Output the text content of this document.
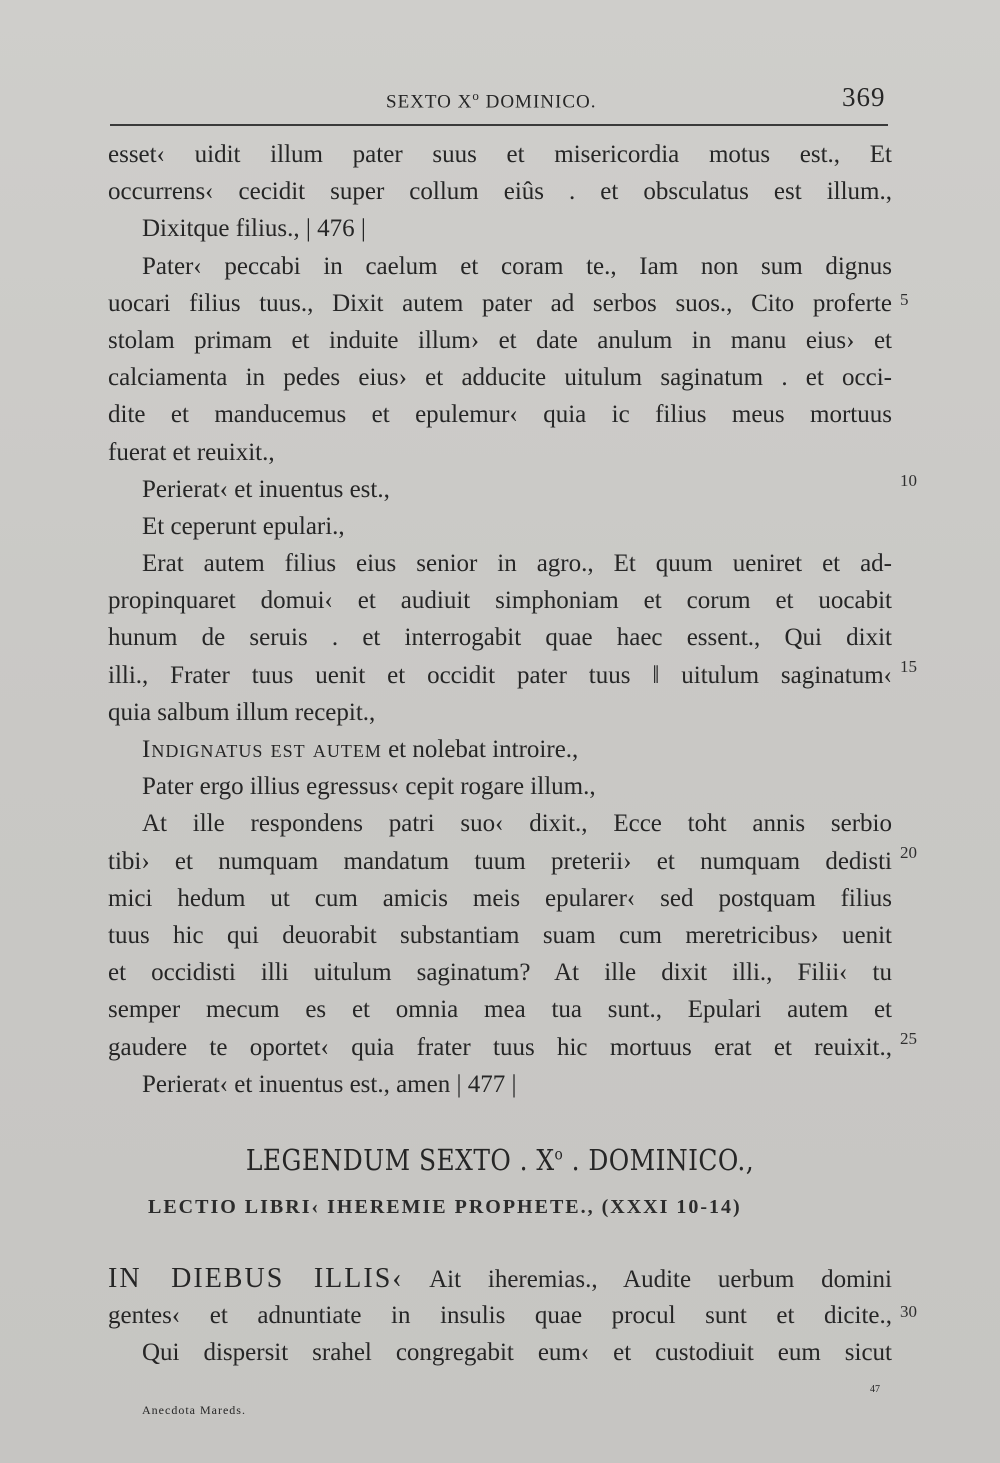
SEXTO $X^o$ DOMINICO.	369
esset‹ uidit illum pater suus et misericordia motus est., Et
occurrens‹ cecidit super collum eiûs . et obsculatus est illum.,
Dixitque filius., | 476 |
Pater‹ peccabi in caelum et coram te., Iam non sum dignus
uocari filius tuus., Dixit autem pater ad serbos suos., Cito proferte
stolam primam et induite illum› et date anulum in manu eius› et
calciamenta in pedes eius› et adducite uitulum saginatum . et occi-
dite et manducemus et epulemur‹ quia ic filius meus mortuus
fuerat et reuixit.,
Perierat‹ et inuentus est.,
Et ceperunt epulari.,
Erat autem filius eius senior in agro., Et quum ueniret et ad-
propinquaret domui‹ et audiuit simphoniam et corum et uocabit
hunum de seruis . et interrogabit quae haec essent., Qui dixit
illi., Frater tuus uenit et occidit pater tuus ‖ uitulum saginatum‹
quia salbum illum recepit.,
Indignatus est autem et nolebat introire.,
Pater ergo illius egressus‹ cepit rogare illum.,
At ille respondens patri suo‹ dixit., Ecce toht annis serbio
tibi› et numquam mandatum tuum preterii› et numquam dedisti
mici hedum ut cum amicis meis epularer‹ sed postquam filius
tuus hic qui deuorabit substantiam suam cum meretricibus› uenit
et occidisti illi uitulum saginatum? At ille dixit illi., Filii‹ tu
semper mecum es et omnia mea tua sunt., Epulari autem et
gaudere te oportet‹ quia frater tuus hic mortuus erat et reuixit.,
Perierat‹ et inuentus est., amen | 477 |
5
10
15
20
25
30
LEGENDUM SEXTO . $X^o$ . DOMINICO.,
LECTIO LIBRI‹ IHEREMIE PROPHETE., (XXXI 10-14)
IN DIEBUS ILLIS‹ Ait iheremias., Audite uerbum domini
gentes‹ et adnuntiate in insulis quae procul sunt et dicite.,
Qui dispersit srahel congregabit eum‹ et custodiuit eum sicut
47
Anecdota Mareds.
